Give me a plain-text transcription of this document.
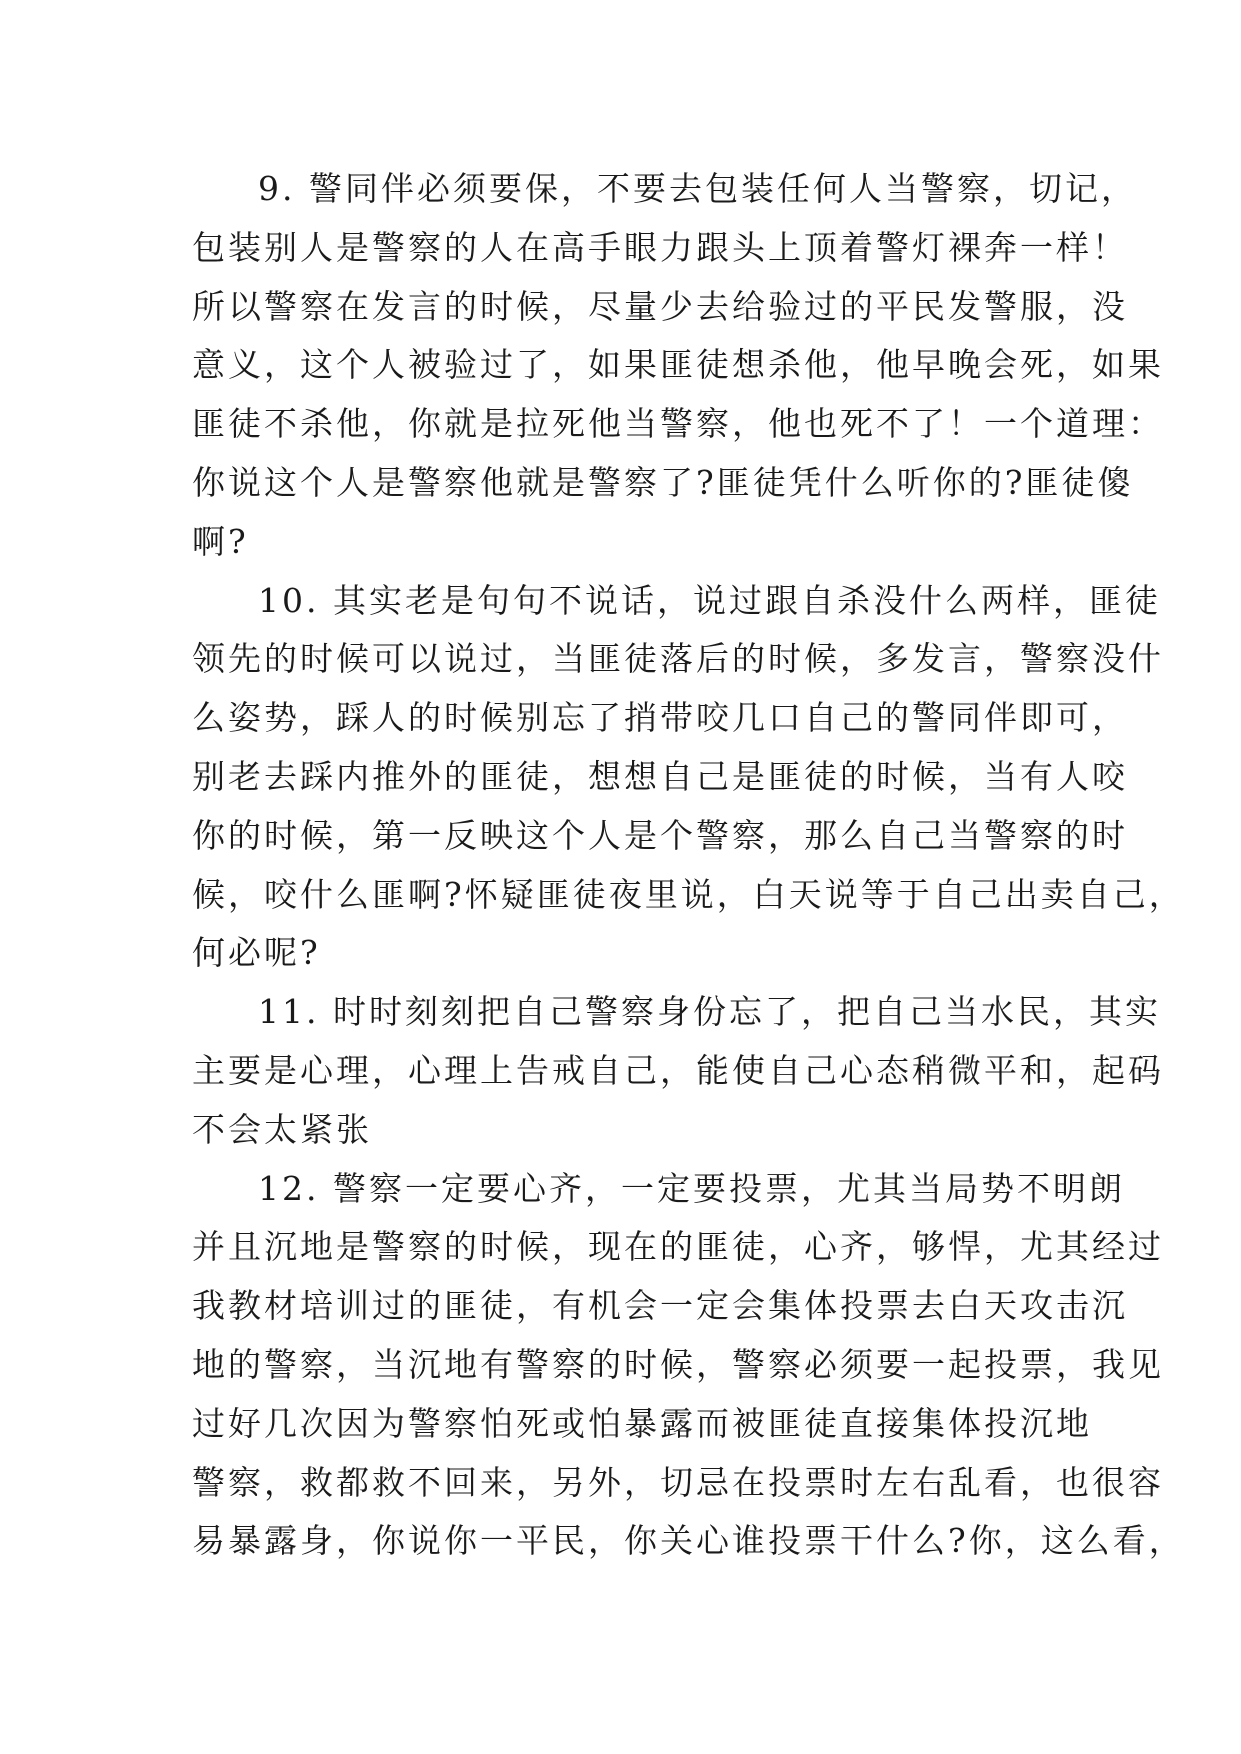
9. 警同伴必须要保，不要去包装任何人当警察，切记，
包装别人是警察的人在高手眼力跟头上顶着警灯裸奔一样！
所以警察在发言的时候，尽量少去给验过的平民发警服，没
意义，这个人被验过了，如果匪徒想杀他，他早晚会死，如果
匪徒不杀他，你就是拉死他当警察，他也死不了！一个道理：
你说这个人是警察他就是警察了?匪徒凭什么听你的?匪徒傻
啊?
10. 其实老是句句不说话，说过跟自杀没什么两样，匪徒
领先的时候可以说过，当匪徒落后的时候，多发言，警察没什
么姿势，踩人的时候别忘了捎带咬几口自己的警同伴即可，
别老去踩内推外的匪徒，想想自己是匪徒的时候，当有人咬
你的时候，第一反映这个人是个警察，那么自己当警察的时
候，咬什么匪啊?怀疑匪徒夜里说，白天说等于自己出卖自己，
何必呢?
11. 时时刻刻把自己警察身份忘了，把自己当水民，其实
主要是心理，心理上告戒自己，能使自己心态稍微平和，起码
不会太紧张
12. 警察一定要心齐，一定要投票，尤其当局势不明朗
并且沉地是警察的时候，现在的匪徒，心齐，够悍，尤其经过
我教材培训过的匪徒，有机会一定会集体投票去白天攻击沉
地的警察，当沉地有警察的时候，警察必须要一起投票，我见
过好几次因为警察怕死或怕暴露而被匪徒直接集体投沉地
警察，救都救不回来，另外，切忌在投票时左右乱看，也很容
易暴露身，你说你一平民，你关心谁投票干什么?你，这么看，
